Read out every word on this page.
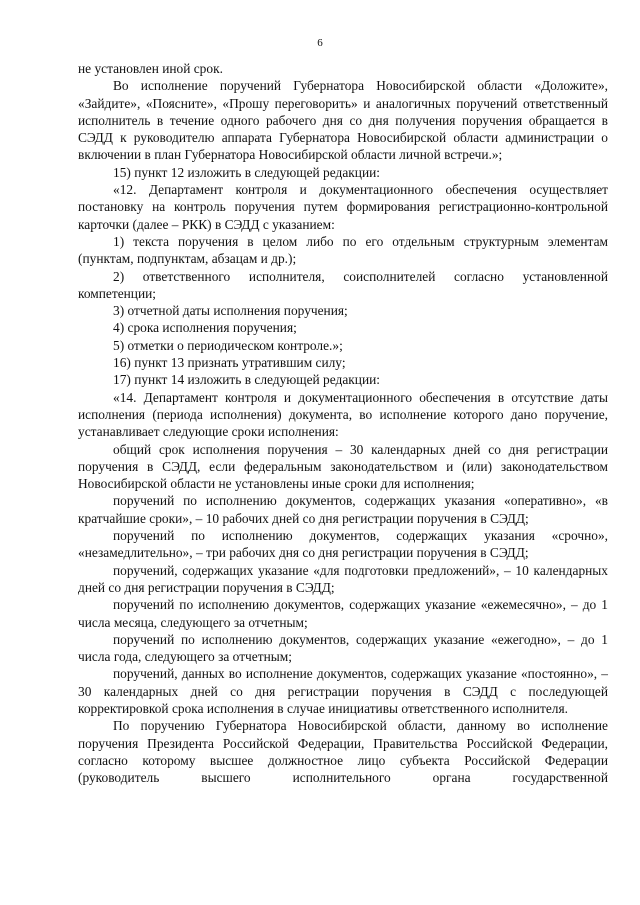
6

не установлен иной срок.

Во исполнение поручений Губернатора Новосибирской области «Доложите», «Зайдите», «Поясните», «Прошу переговорить» и аналогичных поручений ответственный исполнитель в течение одного рабочего дня со дня получения поручения обращается в СЭДД к руководителю аппарата Губернатора Новосибирской области администрации о включении в план Губернатора Новосибирской области личной встречи.»;

15) пункт 12 изложить в следующей редакции:

«12. Департамент контроля и документационного обеспечения осуществляет постановку на контроль поручения путем формирования регистрационно-контрольной карточки (далее – РКК) в СЭДД с указанием:

1) текста поручения в целом либо по его отдельным структурным элементам (пунктам, подпунктам, абзацам и др.);

2) ответственного исполнителя, соисполнителей согласно установленной компетенции;

3) отчетной даты исполнения поручения;

4) срока исполнения поручения;

5) отметки о периодическом контроле.»;

16) пункт 13 признать утратившим силу;

17) пункт 14 изложить в следующей редакции:

«14. Департамент контроля и документационного обеспечения в отсутствие даты исполнения (периода исполнения) документа, во исполнение которого дано поручение, устанавливает следующие сроки исполнения:

общий срок исполнения поручения – 30 календарных дней со дня регистрации поручения в СЭДД, если федеральным законодательством и (или) законодательством Новосибирской области не установлены иные сроки для исполнения;

поручений по исполнению документов, содержащих указания «оперативно», «в кратчайшие сроки», – 10 рабочих дней со дня регистрации поручения в СЭДД;

поручений по исполнению документов, содержащих указания «срочно», «незамедлительно», – три рабочих дня со дня регистрации поручения в СЭДД;

поручений, содержащих указание «для подготовки предложений», – 10 календарных дней со дня регистрации поручения в СЭДД;

поручений по исполнению документов, содержащих указание «ежемесячно», – до 1 числа месяца, следующего за отчетным;

поручений по исполнению документов, содержащих указание «ежегодно», – до 1 числа года, следующего за отчетным;

поручений, данных во исполнение документов, содержащих указание «постоянно», – 30 календарных дней со дня регистрации поручения в СЭДД с последующей корректировкой срока исполнения в случае инициативы ответственного исполнителя.

По поручению Губернатора Новосибирской области, данному во исполнение поручения Президента Российской Федерации, Правительства Российской Федерации, согласно которому высшее должностное лицо субъекта Российской Федерации (руководитель высшего исполнительного органа государственной
